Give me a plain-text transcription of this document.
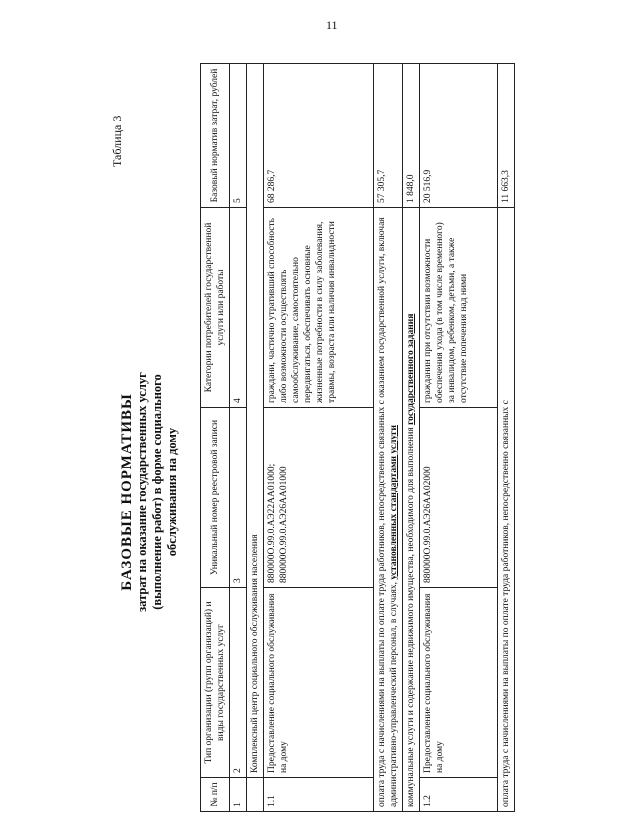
11
Таблица 3
БАЗОВЫЕ НОРМАТИВЫ затрат на оказание государственных услуг (выполнение работ) в форме социального обслуживания на дому
№ п/п	Тип организации (групп организаций) и виды государственных услуг	Уникальный номер реестровой записи	Категории потребителей государственной услуги или работы	Базовый норматив затрат, рублей
1	2	3	4	5
	Комплексный центр социального обслуживания населения			
1.1	Предоставление социального обслуживания на дому	880000О.99.0.АЭ22АА01000; 880000О.99.0.АЭ26АА01000	граждани, частично утративший способность либо возможности осуществлять самообслуживание, самостоятельно передвигаться, обеспечивать основные жизненные потребности в силу заболевания, травмы, возраста или наличия инвалидности	68 286,7
оплата труда с начислениями на выплаты по оплате труда работников, непосредственно связанных с оказанием государственной услуги, включая административно-управленческий персонал, в случаях, установленных стандартами услуги				57 305,7
коммунальные услуги и содержание недвижимого имущества, необходимого для выполнения государственного задания				1 848,0
1.2	Предоставление социального обслуживания на дому	880000О.99.0.АЭ26АА02000	гражданин при отсутствии возможности обеспечения ухода (в том числе временного) за инвалидом, ребенком, детьми, а также отсутствие попечения над ними	20 516,9
оплата труда с начислениями на выплаты по оплате труда работников, непосредственно связанных с				11 663,3
